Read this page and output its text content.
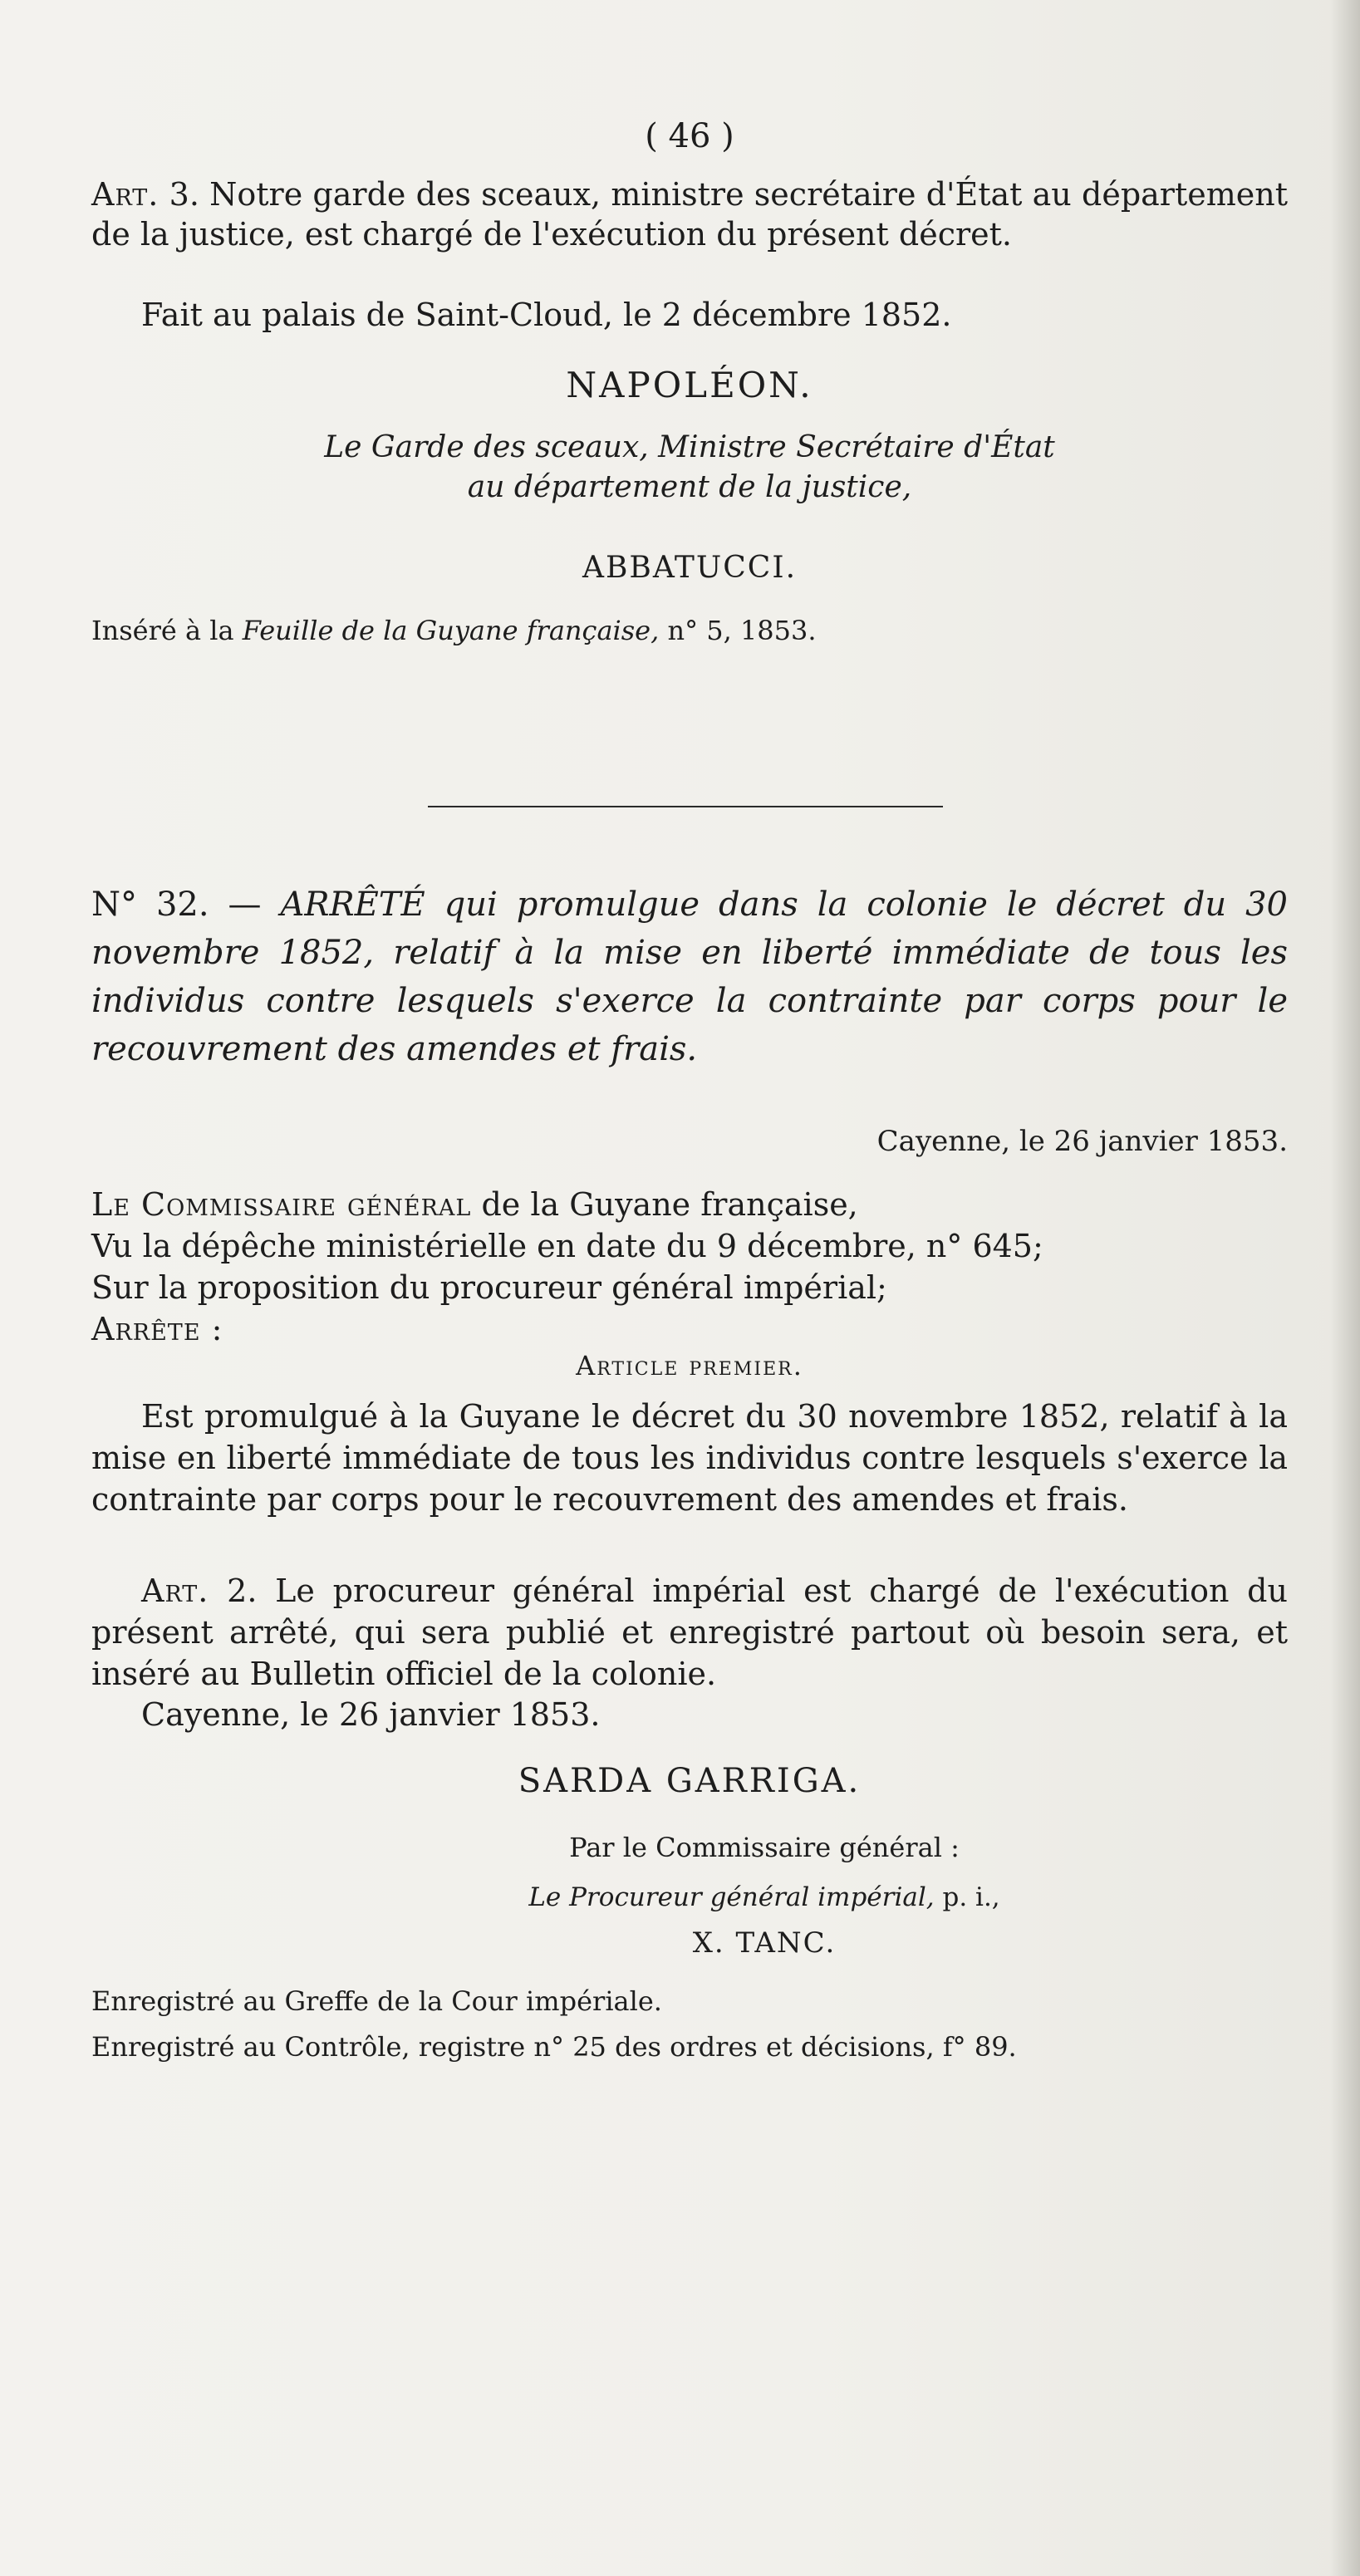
( 46 )
Art. 3. Notre garde des sceaux, ministre secrétaire d'État au département de la justice, est chargé de l'exécution du présent décret.
Fait au palais de Saint-Cloud, le 2 décembre 1852.
NAPOLÉON.
Le Garde des sceaux, Ministre Secrétaire d'État
au département de la justice,
ABBATUCCI.
Inséré à la Feuille de la Guyane française, n° 5, 1853.
N° 32. — ARRÊTÉ qui promulgue dans la colonie le décret du 30 novembre 1852, relatif à la mise en liberté immédiate de tous les individus contre lesquels s'exerce la contrainte par corps pour le recouvrement des amendes et frais.
Cayenne, le 26 janvier 1853.
Le Commissaire général de la Guyane française,
Vu la dépêche ministérielle en date du 9 décembre, n° 645;
Sur la proposition du procureur général impérial;
Arrête :
Article premier.
Est promulgué à la Guyane le décret du 30 novembre 1852, relatif à la mise en liberté immédiate de tous les individus contre lesquels s'exerce la contrainte par corps pour le recouvrement des amendes et frais.
Art. 2. Le procureur général impérial est chargé de l'exécution du présent arrêté, qui sera publié et enregistré partout où besoin sera, et inséré au Bulletin officiel de la colonie.
Cayenne, le 26 janvier 1853.
SARDA GARRIGA.
Par le Commissaire général :
Le Procureur général impérial, p. i.,
X. TANC.
Enregistré au Greffe de la Cour impériale.
Enregistré au Contrôle, registre n° 25 des ordres et décisions, f° 89.
